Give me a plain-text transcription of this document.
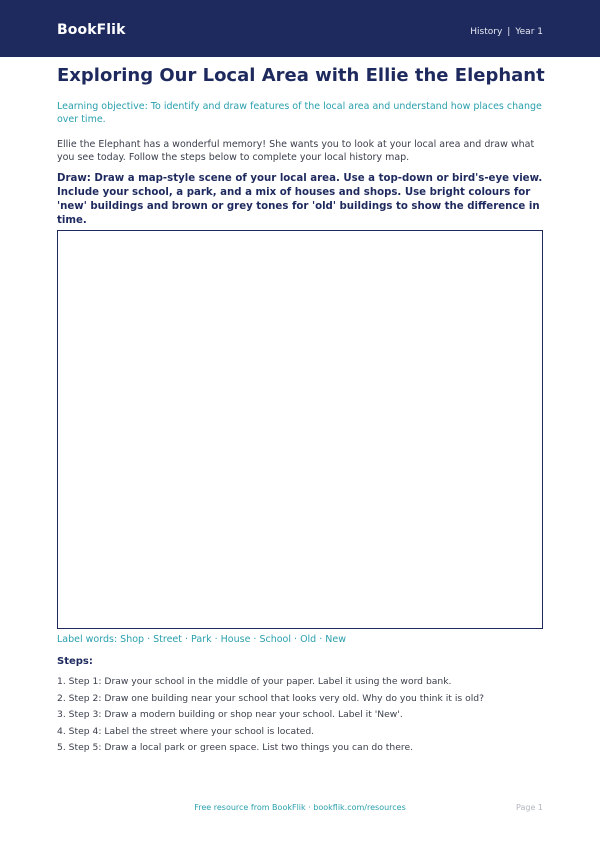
BookFlik	History | Year 1
Exploring Our Local Area with Ellie the Elephant
Learning objective: To identify and draw features of the local area and understand how places change over time.
Ellie the Elephant has a wonderful memory! She wants you to look at your local area and draw what you see today. Follow the steps below to complete your local history map.
Draw: Draw a map-style scene of your local area. Use a top-down or bird's-eye view. Include your school, a park, and a mix of houses and shops. Use bright colours for 'new' buildings and brown or grey tones for 'old' buildings to show the difference in time.
Label words: Shop · Street · Park · House · School · Old · New
Steps:
1. Step 1: Draw your school in the middle of your paper. Label it using the word bank.
2. Step 2: Draw one building near your school that looks very old. Why do you think it is old?
3. Step 3: Draw a modern building or shop near your school. Label it 'New'.
4. Step 4: Label the street where your school is located.
5. Step 5: Draw a local park or green space. List two things you can do there.
Free resource from BookFlik · bookflik.com/resources	Page 1
